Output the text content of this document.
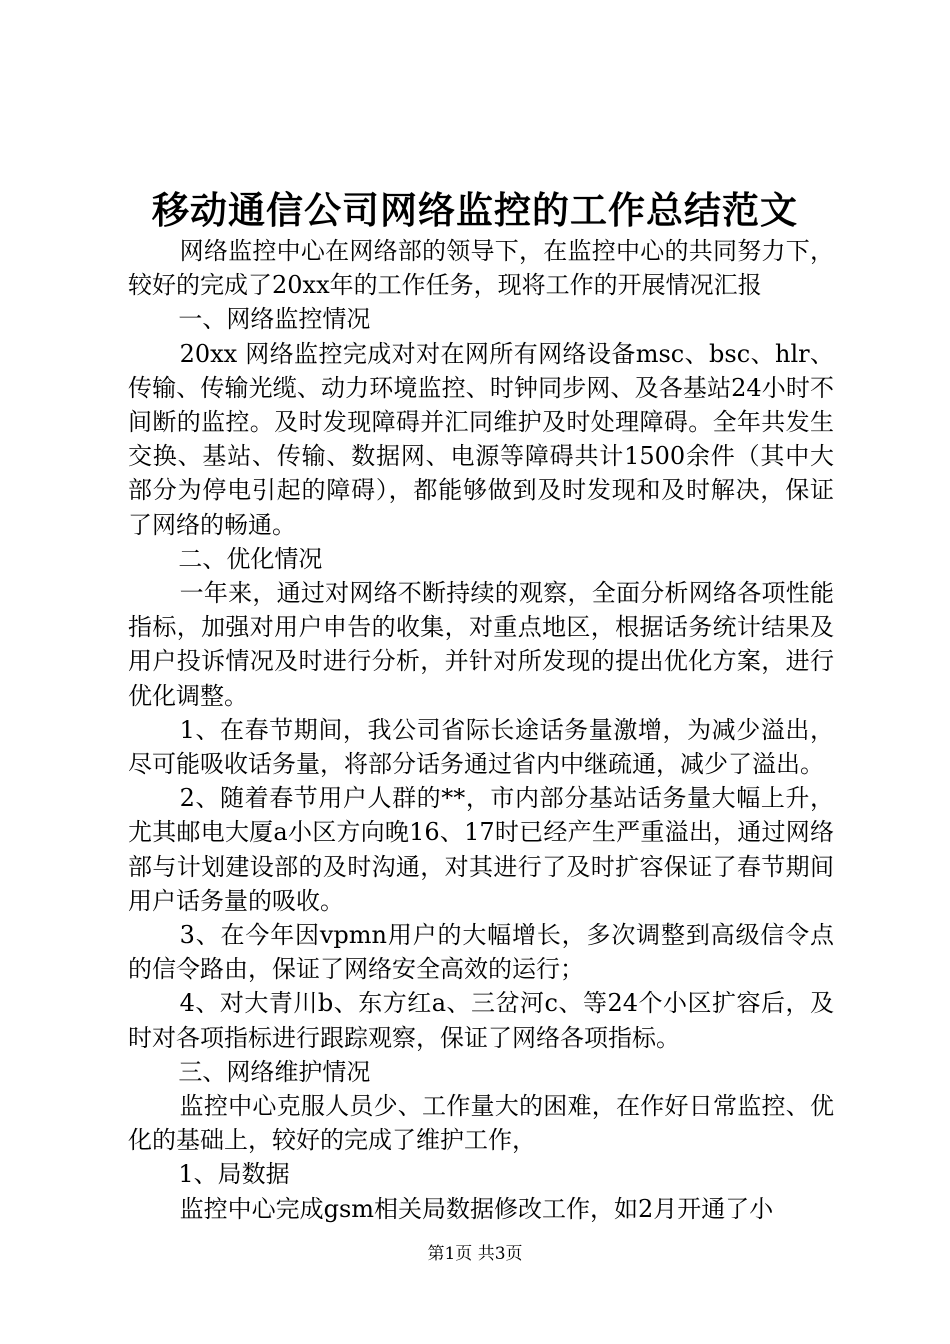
移动通信公司网络监控的工作总结范文

网络监控中心在网络部的领导下，在监控中心的共同努力下，较好的完成了20xx年的工作任务，现将工作的开展情况汇报

一、网络监控情况

20xx 网络监控完成对对在网所有网络设备msc、bsc、hlr、传输、传输光缆、动力环境监控、时钟同步网、及各基站24小时不间断的监控。及时发现障碍并汇同维护及时处理障碍。全年共发生交换、基站、传输、数据网、电源等障碍共计1500余件（其中大部分为停电引起的障碍），都能够做到及时发现和及时解决，保证了网络的畅通。

二、优化情况

一年来，通过对网络不断持续的观察，全面分析网络各项性能指标，加强对用户申告的收集，对重点地区，根据话务统计结果及用户投诉情况及时进行分析，并针对所发现的提出优化方案，进行优化调整。

1、在春节期间，我公司省际长途话务量激增，为减少溢出，尽可能吸收话务量，将部分话务通过省内中继疏通，减少了溢出。

2、随着春节用户人群的**，市内部分基站话务量大幅上升，尤其邮电大厦a小区方向晚16、17时已经产生严重溢出，通过网络部与计划建设部的及时沟通，对其进行了及时扩容保证了春节期间用户话务量的吸收。

3、在今年因vpmn用户的大幅增长，多次调整到高级信令点的信令路由，保证了网络安全高效的运行；

4、对大青川b、东方红a、三岔河c、等24个小区扩容后，及时对各项指标进行跟踪观察，保证了网络各项指标。

三、网络维护情况

监控中心克服人员少、工作量大的困难，在作好日常监控、优化的基础上，较好的完成了维护工作，

1、局数据

监控中心完成gsm相关局数据修改工作，如2月开通了小

第1页 共3页
